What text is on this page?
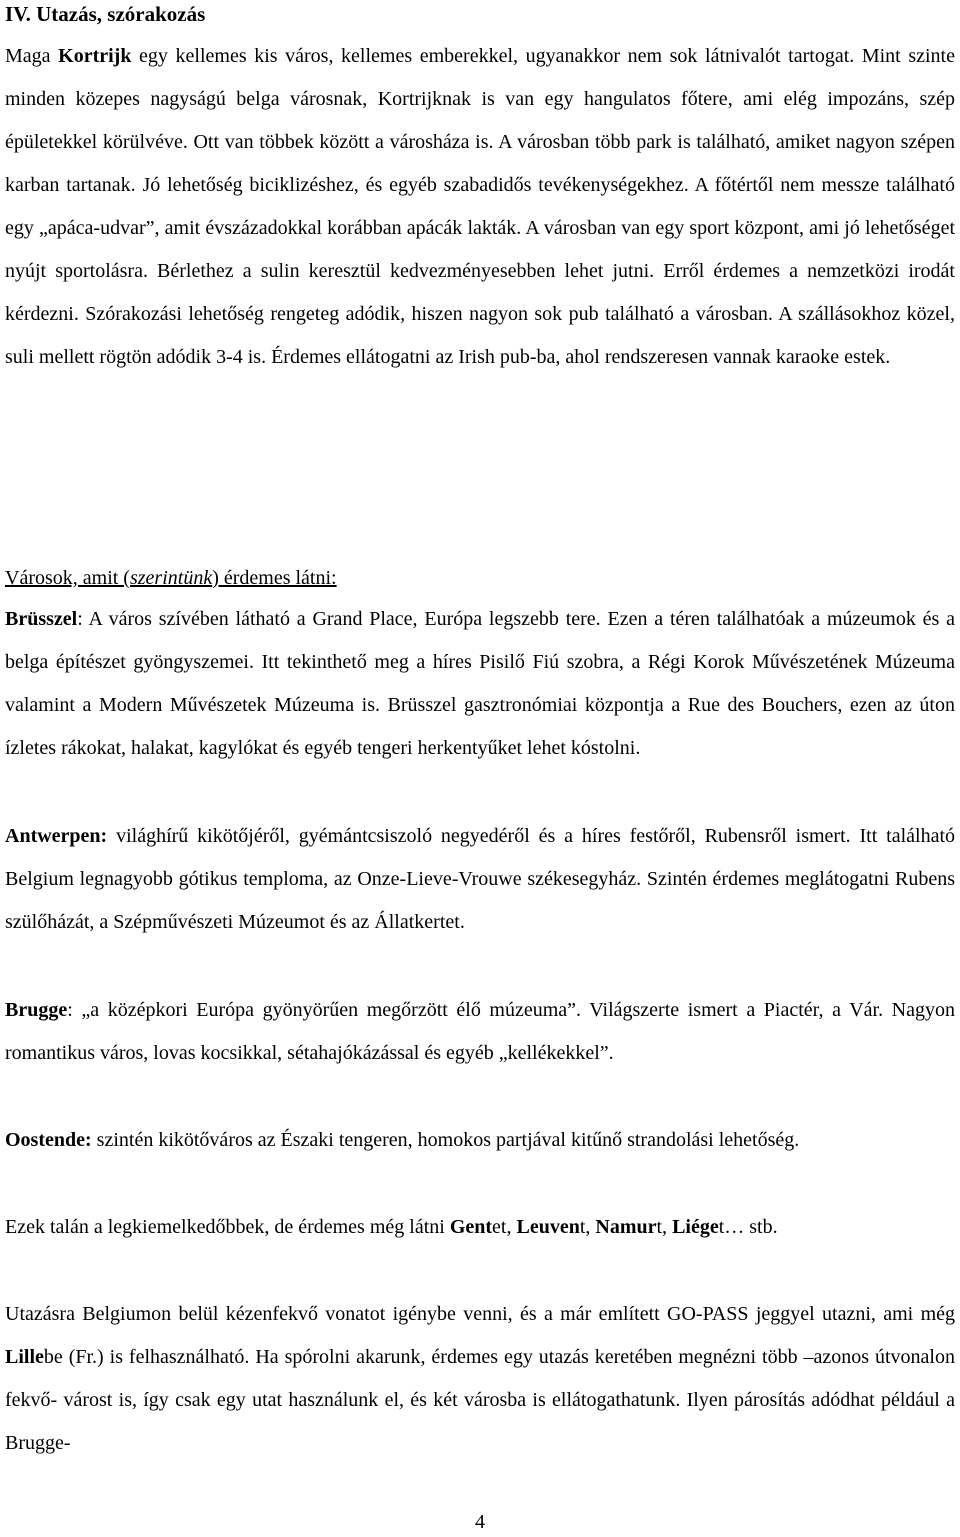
IV. Utazás, szórakozás

Maga Kortrijk egy kellemes kis város, kellemes emberekkel, ugyanakkor nem sok látnivalót tartogat. Mint szinte minden közepes nagyságú belga városnak, Kortrijknak is van egy hangulatos főtere, ami elég impozáns, szép épületekkel körülvéve. Ott van többek között a városháza is. A városban több park is található, amiket nagyon szépen karban tartanak. Jó lehetőség biciklizéshez, és egyéb szabadidős tevékenységekhez. A főtértől nem messze található egy „apáca-udvar”, amit évszázadokkal korábban apácák lakták. A városban van egy sport központ, ami jó lehetőséget nyújt sportolásra. Bérlethez a sulin keresztül kedvezményesebben lehet jutni. Erről érdemes a nemzetközi irodát kérdezni. Szórakozási lehetőség rengeteg adódik, hiszen nagyon sok pub található a városban. A szállásokhoz közel, suli mellett rögtön adódik 3-4 is. Érdemes ellátogatni az Irish pub-ba, ahol rendszeresen vannak karaoke estek.

Városok, amit (szerintünk) érdemes látni:

Brüsszel: A város szívében látható a Grand Place, Európa legszebb tere. Ezen a téren találhatóak a múzeumok és a belga építészet gyöngyszemei. Itt tekinthető meg a híres Pisilő Fiú szobra, a Régi Korok Művészetének Múzeuma valamint a Modern Művészetek Múzeuma is. Brüsszel gasztronómiai központja a Rue des Bouchers, ezen az úton ízletes rákokat, halakat, kagylókat és egyéb tengeri herkentyűket lehet kóstolni.

Antwerpen: világhírű kikötőjéről, gyémántcsiszoló negyedéről és a híres festőről, Rubensről ismert. Itt található Belgium legnagyobb gótikus temploma, az Onze-Lieve-Vrouwe székesegyház. Szintén érdemes meglátogatni Rubens szülőházát, a Szépművészeti Múzeumot és az Állatkertet.

Brugge: „a középkori Európa gyönyörűen megőrzött élő múzeuma”. Világszerte ismert a Piactér, a Vár. Nagyon romantikus város, lovas kocsikkal, sétahajókázással és egyéb „kellékekkel”.

Oostende: szintén kikötőváros az Északi tengeren, homokos partjával kitűnő strandolási lehetőség.

Ezek talán a legkiemelkedőbbek, de érdemes még látni Gentet, Leuvent, Namurt, Liéget… stb.

Utazásra Belgiumon belül kézenfekvő vonatot igénybe venni, és a már említett GO-PASS jeggyel utazni, ami még Lillebe (Fr.) is felhasználható. Ha spórolni akarunk, érdemes egy utazás keretében megnézni több –azonos útvonalon fekvő- várost is, így csak egy utat használunk el, és két városba is ellátogathatunk. Ilyen párosítás adódhat például a Brugge-

4
